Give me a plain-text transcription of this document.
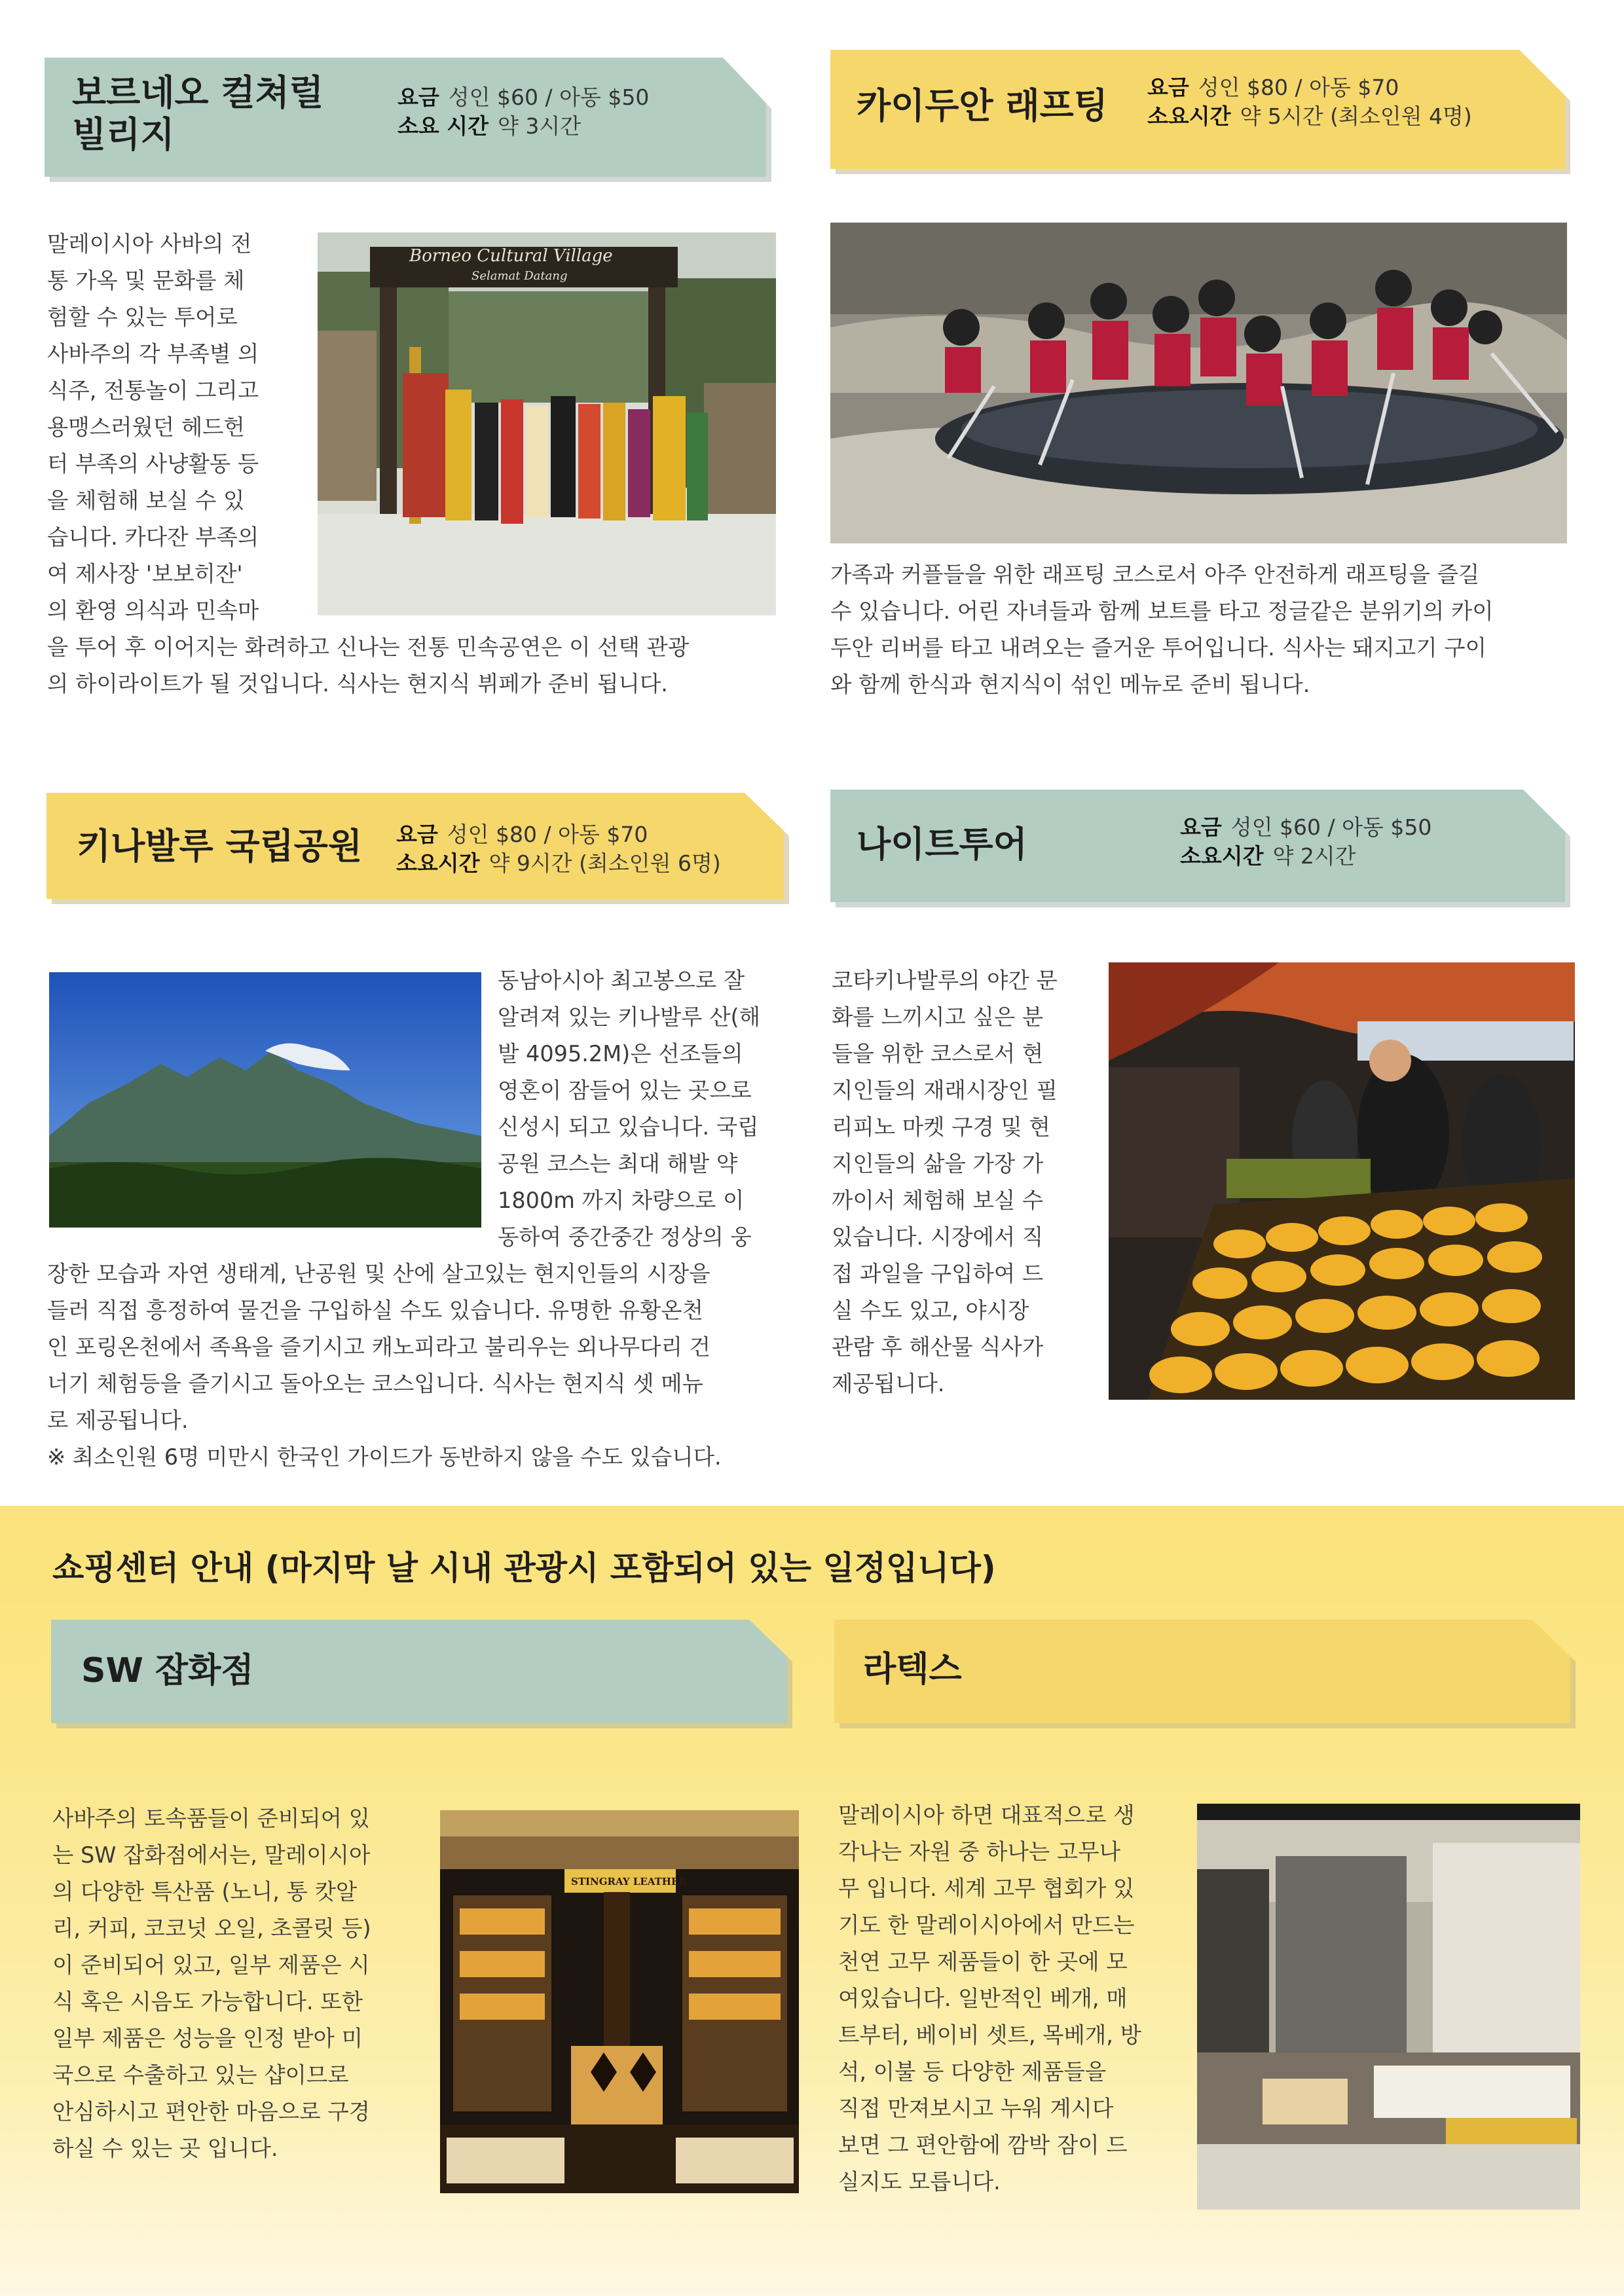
보르네오 컬쳐럴
빌리지
요금 성인 $60 / 아동 $50
소요 시간 약 3시간	카이두안 래프팅 요금 성인 $80 / 아동 $70
소요시간 약 5시간 (최소인원 4명)
Borneo Cultural Village
Selamat Datang

말레이시아 사바의 전

통 가옥 및 문화를 체

험할 수 있는 투어로

사바주의 각 부족별 의

식주, 전통놀이 그리고

용맹스러웠던 헤드헌

터 부족의 사냥활동 등

을 체험해 보실 수 있

습니다. 카다잔 부족의

여 제사장 '보보히잔'

의 환영 의식과 민속마

을 투어 후 이어지는 화려하고 신나는 전통 민속공연은 이 선택 관광

의 하이라이트가 될 것입니다. 식사는 현지식 뷔페가 준비 됩니다.

가족과 커플들을 위한 래프팅 코스로서 아주 안전하게 래프팅을 즐길

수 있습니다. 어린 자녀들과 함께 보트를 타고 정글같은 분위기의 카이

두안 리버를 타고 내려오는 즐거운 투어입니다. 식사는 돼지고기 구이

와 함께 한식과 현지식이 섞인 메뉴로 준비 됩니다.

키나발루 국립공원 요금 성인 $80 / 아동 $70
소요시간 약 9시간 (최소인원 6명)	나이트투어	요금 성인 $60 / 아동 $50
소요시간 약 2시간

동남아시아 최고봉으로 잘

알려져 있는 키나발루 산(해

발 4095.2M)은 선조들의

영혼이 잠들어 있는 곳으로

신성시 되고 있습니다. 국립

공원 코스는 최대 해발 약

1800m 까지 차량으로 이

동하여 중간중간 정상의 웅

장한 모습과 자연 생태계, 난공원 및 산에 살고있는 현지인들의 시장을

들러 직접 흥정하여 물건을 구입하실 수도 있습니다. 유명한 유황온천

인 포링온천에서 족욕을 즐기시고 캐노피라고 불리우는 외나무다리 건

너기 체험등을 즐기시고 돌아오는 코스입니다. 식사는 현지식 셋 메뉴

로 제공됩니다.

※ 최소인원 6명 미만시 한국인 가이드가 동반하지 않을 수도 있습니다.

코타키나발루의 야간 문

화를 느끼시고 싶은 분

들을 위한 코스로서 현

지인들의 재래시장인 필

리피노 마켓 구경 및 현

지인들의 삶을 가장 가

까이서 체험해 보실 수

있습니다. 시장에서 직

접 과일을 구입하여 드

실 수도 있고, 야시장

관람 후 해산물 식사가

제공됩니다.

쇼핑센터 안내 (마지막 날 시내 관광시 포함되어 있는 일정입니다)
SW 잡화점	라텍스

사바주의 토속품들이 준비되어 있

는 SW 잡화점에서는, 말레이시아

의 다양한 특산품 (노니, 통 캇알

리, 커피, 코코넛 오일, 초콜릿 등)

이 준비되어 있고, 일부 제품은 시

식 혹은 시음도 가능합니다. 또한

일부 제품은 성능을 인정 받아 미

국으로 수출하고 있는 샵이므로

안심하시고 편안한 마음으로 구경

하실 수 있는 곳 입니다.

STINGRAY LEATHER

말레이시아 하면 대표적으로 생

각나는 자원 중 하나는 고무나

무 입니다. 세계 고무 협회가 있

기도 한 말레이시아에서 만드는

천연 고무 제품들이 한 곳에 모

여있습니다. 일반적인 베개, 매

트부터, 베이비 셋트, 목베개, 방

석, 이불 등 다양한 제품들을

직접 만져보시고 누워 계시다

보면 그 편안함에 깜박 잠이 드

실지도 모릅니다.
